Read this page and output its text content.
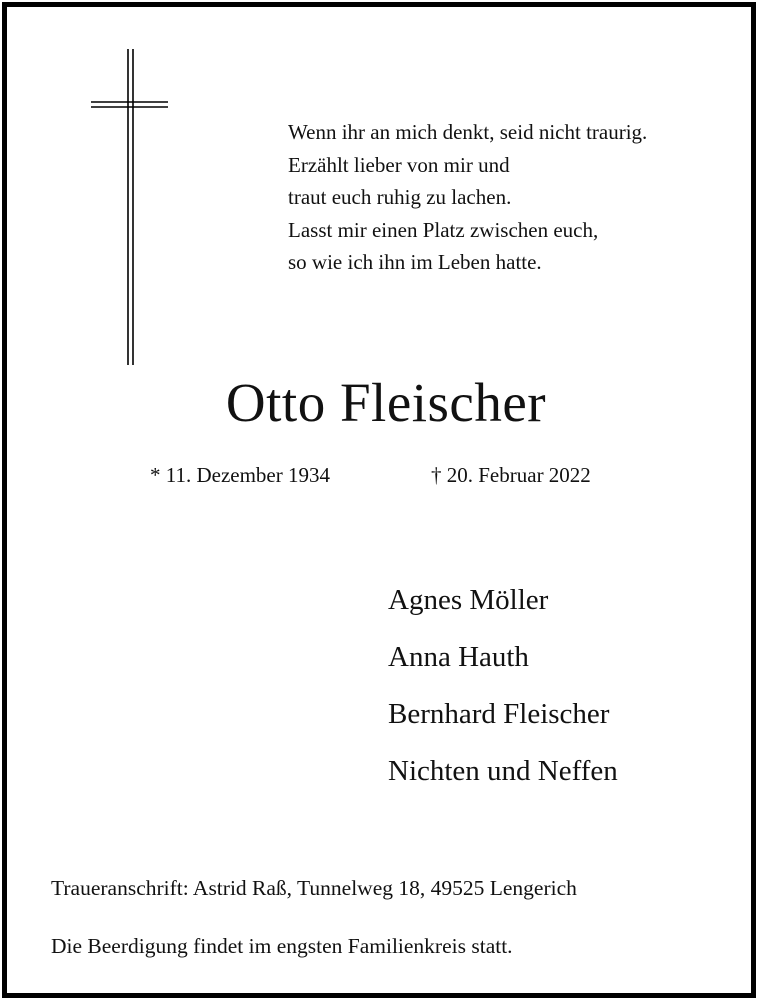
Wenn ihr an mich denkt, seid nicht traurig.
Erzählt lieber von mir und
traut euch ruhig zu lachen.
Lasst mir einen Platz zwischen euch,
so wie ich ihn im Leben hatte.
Otto Fleischer
* 11. Dezember 1934	† 20. Februar 2022
Agnes Möller
Anna Hauth
Bernhard Fleischer
Nichten und Neffen
Traueranschrift: Astrid Raß, Tunnelweg 18, 49525 Lengerich
Die Beerdigung findet im engsten Familienkreis statt.
